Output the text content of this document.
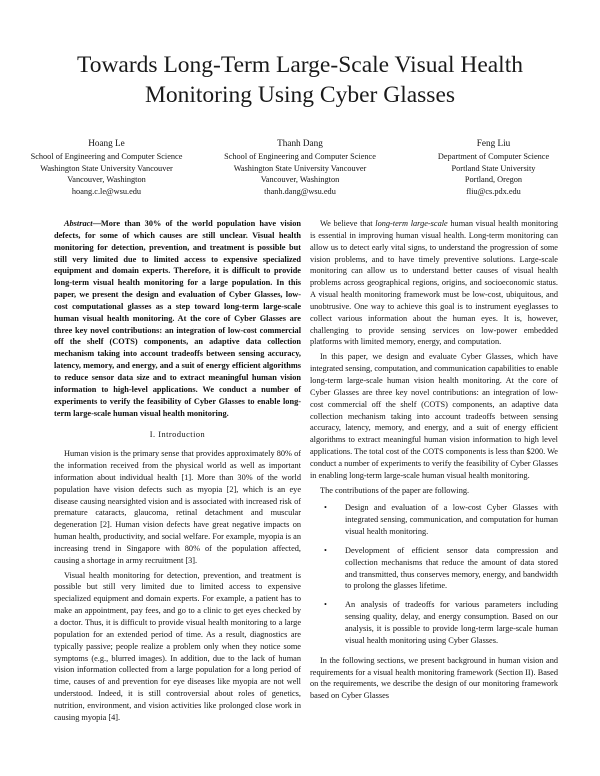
Towards Long-Term Large-Scale Visual Health
Monitoring Using Cyber Glasses
Hoang Le
School of Engineering and Computer Science
Washington State University Vancouver
Vancouver, Washington
hoang.c.le@wsu.edu
Thanh Dang
School of Engineering and Computer Science
Washington State University Vancouver
Vancouver, Washington
thanh.dang@wsu.edu
Feng Liu
Department of Computer Science
Portland State University
Portland, Oregon
fliu@cs.pdx.edu

Abstract—More than 30% of the world population have vision defects, for some of which causes are still unclear. Visual health monitoring for detection, prevention, and treatment is possible but still very limited due to limited access to expensive specialized equipment and domain experts. Therefore, it is difficult to provide long-term visual health monitoring for a large population. In this paper, we present the design and evaluation of Cyber Glasses, low-cost computational glasses as a step toward long-term large-scale human visual health monitoring. At the core of Cyber Glasses are three key novel contributions: an integration of low-cost commercial off the shelf (COTS) components, an adaptive data collection mechanism taking into account tradeoffs between sensing accuracy, latency, memory, and energy, and a suit of energy efficient algorithms to reduce sensor data size and to extract meaningful human vision information to high-level applications. We conduct a number of experiments to verify the feasibility of Cyber Glasses to enable long-term large-scale human visual health monitoring.

I. Introduction

Human vision is the primary sense that provides approximately 80% of the information received from the physical world as well as important information about individual health [1]. More than 30% of the world population have vision defects such as myopia [2], which is an eye disease causing nearsighted vision and is associated with increased risk of premature cataracts, glaucoma, retinal detachment and muscular degeneration [2]. Human vision defects have great negative impacts on human health, productivity, and social welfare. For example, myopia is an increasing trend in Singapore with 80% of the population affected, causing a shortage in army recruitment [3].

Visual health monitoring for detection, prevention, and treatment is possible but still very limited due to limited access to expensive specialized equipment and domain experts. For example, a patient has to make an appointment, pay fees, and go to a clinic to get eyes checked by a doctor. Thus, it is difficult to provide visual health monitoring to a large population for an extended period of time. As a result, diagnostics are typically passive; people realize a problem only when they notice some symptoms (e.g., blurred images). In addition, due to the lack of human vision information collected from a large population for a long period of time, causes of and prevention for eye diseases like myopia are not well understood. Indeed, it is still controversial about roles of genetics, nutrition, environment, and vision activities like prolonged close work in causing myopia [4].

We believe that long-term large-scale human visual health monitoring is essential in improving human visual health. Long-term monitoring can allow us to detect early vital signs, to understand the progression of some vision problems, and to have timely preventive solutions. Large-scale monitoring can allow us to understand better causes of visual health problems across geographical regions, origins, and socioeconomic status. A visual health monitoring framework must be low-cost, ubiquitous, and unobtrusive. One way to achieve this goal is to instrument eyeglasses to collect various information about the human eyes. It is, however, challenging to provide sensing services on low-power embedded platforms with limited memory, energy, and computation.

In this paper, we design and evaluate Cyber Glasses, which have integrated sensing, computation, and communication capabilities to enable long-term large-scale human vision health monitoring. At the core of Cyber Glasses are three key novel contributions: an integration of low-cost commercial off the shelf (COTS) components, an adaptive data collection mechanism taking into account tradeoffs between sensing accuracy, latency, memory, and energy, and a suit of energy efficient algorithms to extract meaningful human vision information to high level applications. The total cost of the COTS components is less than $200. We conduct a number of experiments to verify the feasibility of Cyber Glasses in enabling long-term large-scale human visual health monitoring.

The contributions of the paper are following.

• Design and evaluation of a low-cost Cyber Glasses with integrated sensing, communication, and computation for human visual health monitoring.
• Development of efficient sensor data compression and collection mechanisms that reduce the amount of data stored and transmitted, thus conserves memory, energy, and bandwidth to prolong the glasses lifetime.
• An analysis of tradeoffs for various parameters including sensing quality, delay, and energy consumption. Based on our analysis, it is possible to provide long-term large-scale human visual health monitoring using Cyber Glasses.

In the following sections, we present background in human vision and requirements for a visual health monitoring framework (Section II). Based on the requirements, we describe the design of our monitoring framework based on Cyber Glasses
